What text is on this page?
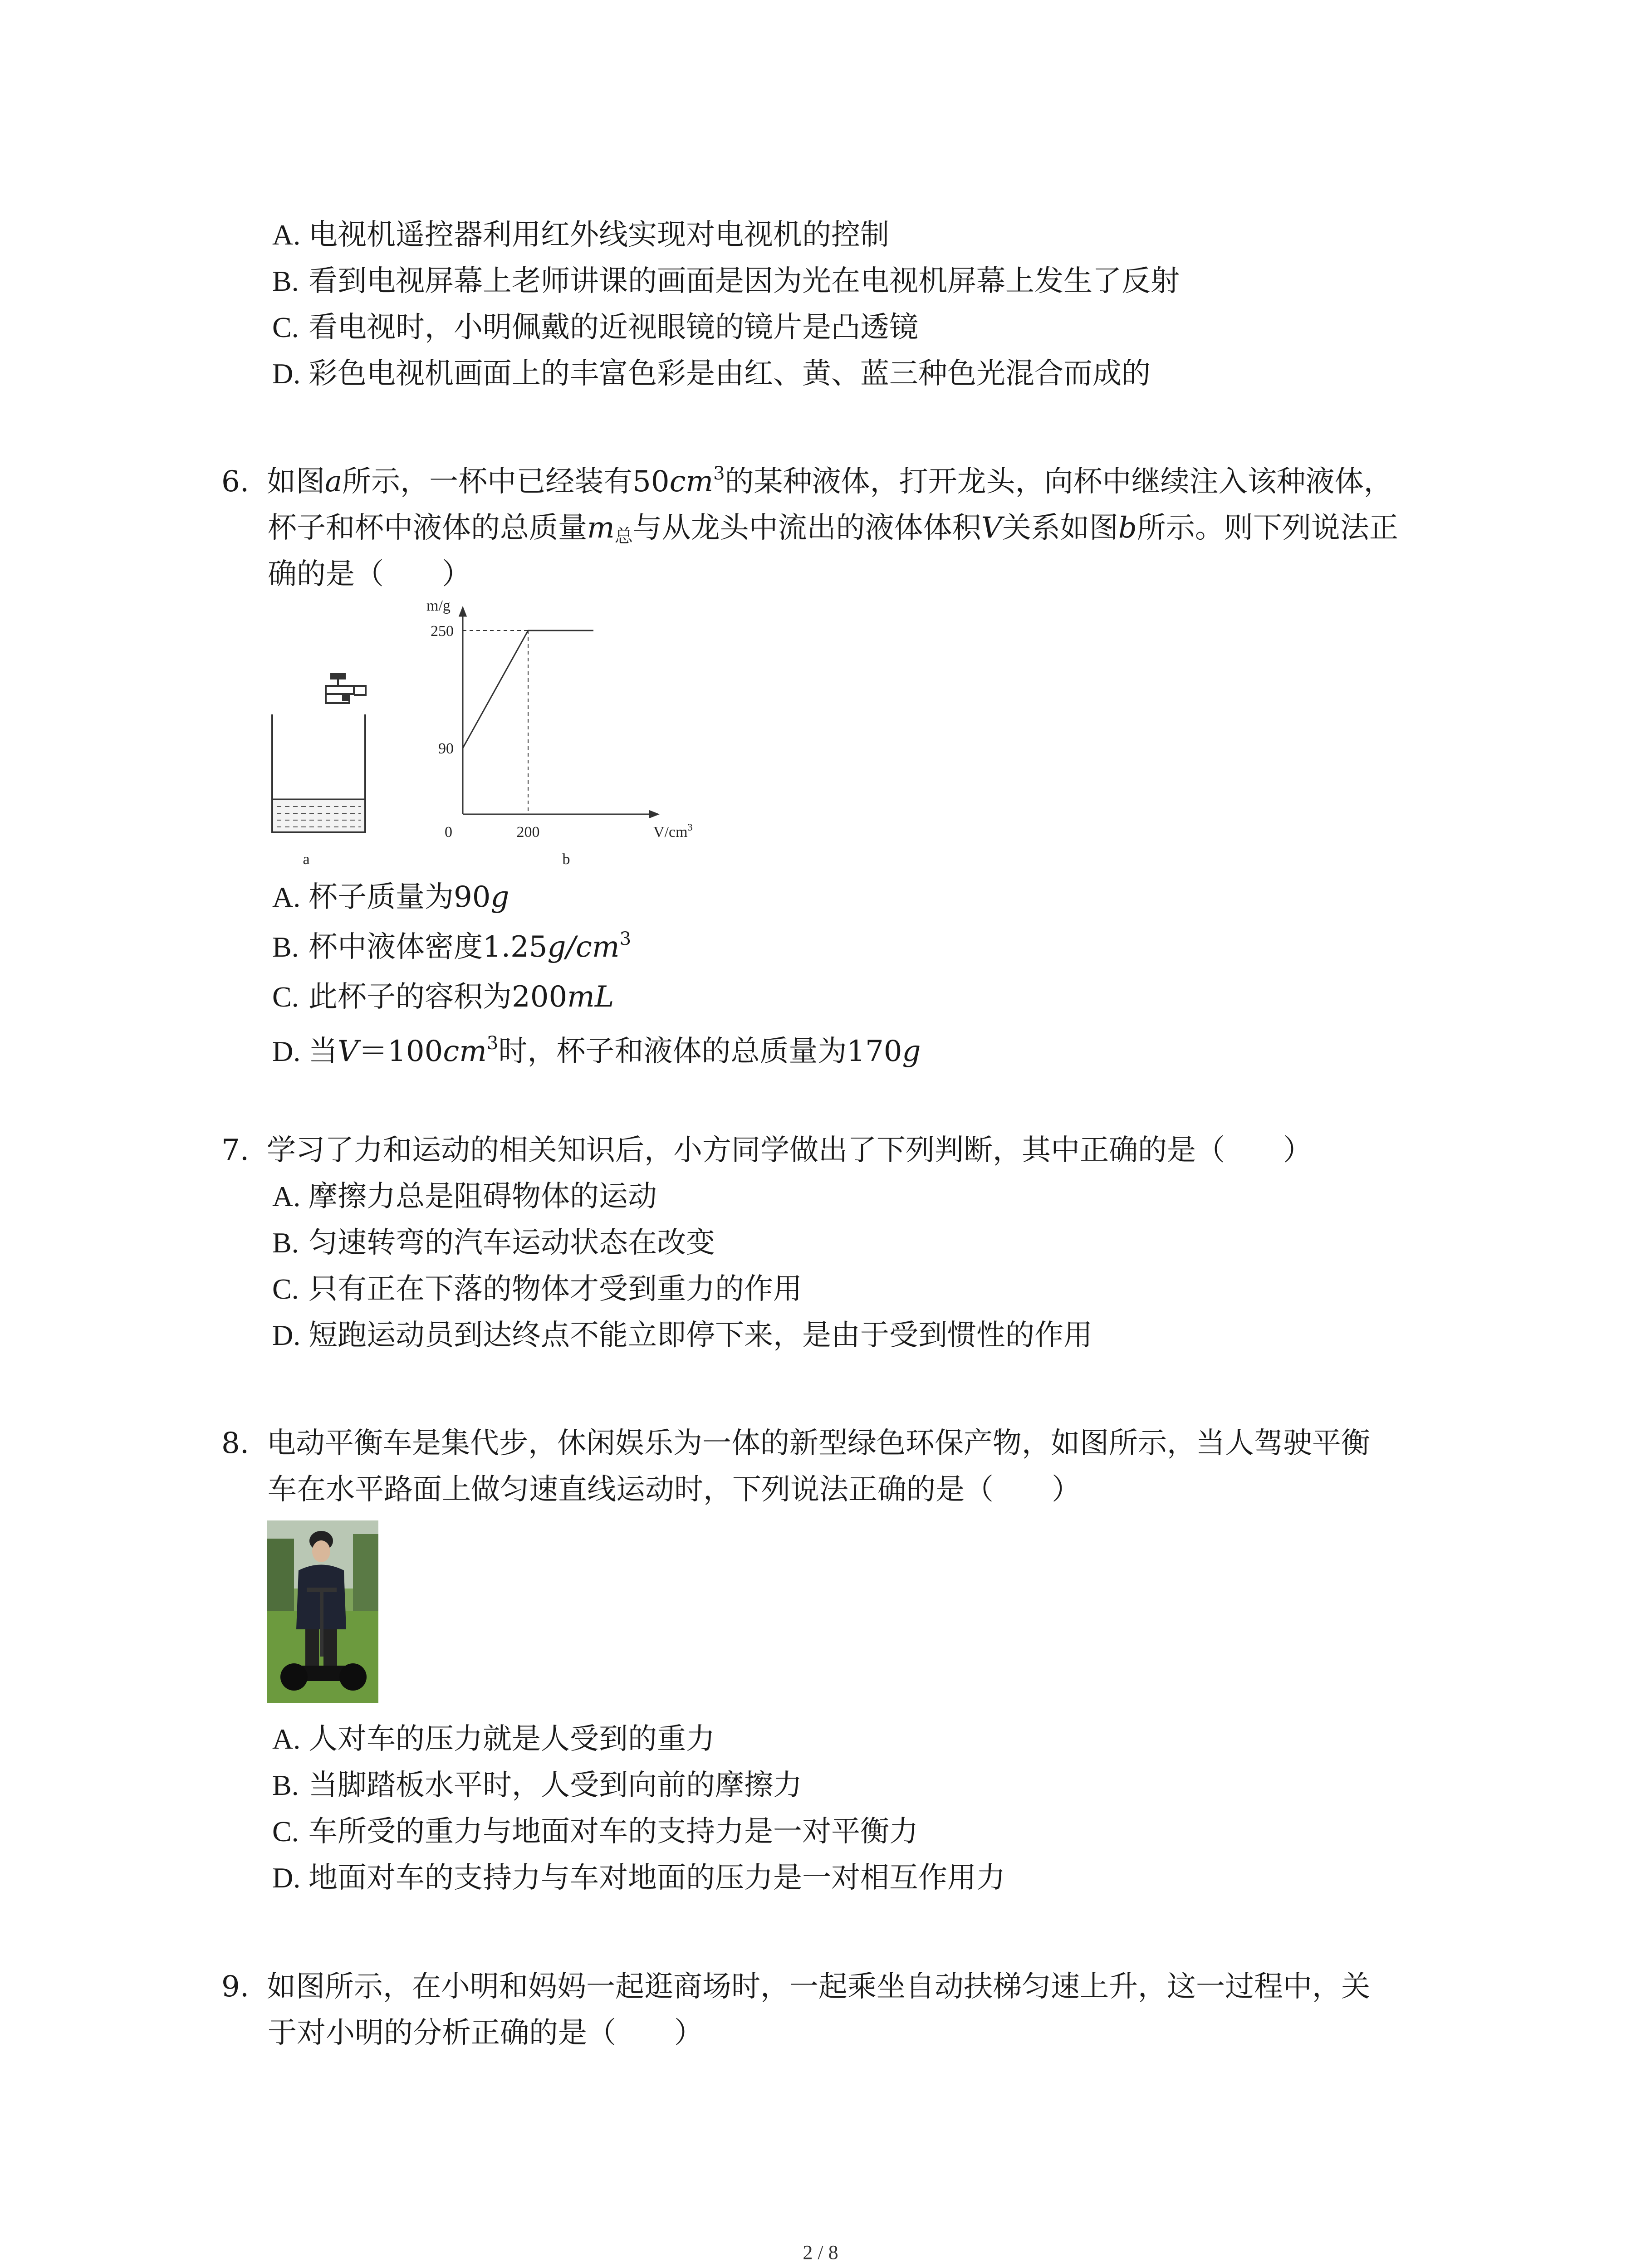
A. 电视机遥控器利用红外线实现对电视机的控制
B. 看到电视屏幕上老师讲课的画面是因为光在电视机屏幕上发生了反射
C. 看电视时，小明佩戴的近视眼镜的镜片是凸透镜
D. 彩色电视机画面上的丰富色彩是由红、黄、蓝三种色光混合而成的
6. 如图a所示，一杯中已经装有$50cm^3$的某种液体，打开龙头，向杯中继续注入该种液体，
杯子和杯中液体的总质量$m_总$与从龙头中流出的液体体积V关系如图b所示。则下列说法正
确的是（　　）
a
m/g
$V/cm^3$
0
250
90
200
b
A. 杯子质量为90g
B. 杯中液体密度$1.25g/cm^3$
C. 此杯子的容积为200mL
D. 当$V=100cm^3$时，杯子和液体的总质量为170g
7. 学习了力和运动的相关知识后，小方同学做出了下列判断，其中正确的是（　　）
A. 摩擦力总是阻碍物体的运动
B. 匀速转弯的汽车运动状态在改变
C. 只有正在下落的物体才受到重力的作用
D. 短跑运动员到达终点不能立即停下来，是由于受到惯性的作用
8. 电动平衡车是集代步，休闲娱乐为一体的新型绿色环保产物，如图所示，当人驾驶平衡
车在水平路面上做匀速直线运动时，下列说法正确的是（　　）
A. 人对车的压力就是人受到的重力
B. 当脚踏板水平时，人受到向前的摩擦力
C. 车所受的重力与地面对车的支持力是一对平衡力
D. 地面对车的支持力与车对地面的压力是一对相互作用力
9. 如图所示，在小明和妈妈一起逛商场时，一起乘坐自动扶梯匀速上升，这一过程中，关
于对小明的分析正确的是（　　）
2 / 8
